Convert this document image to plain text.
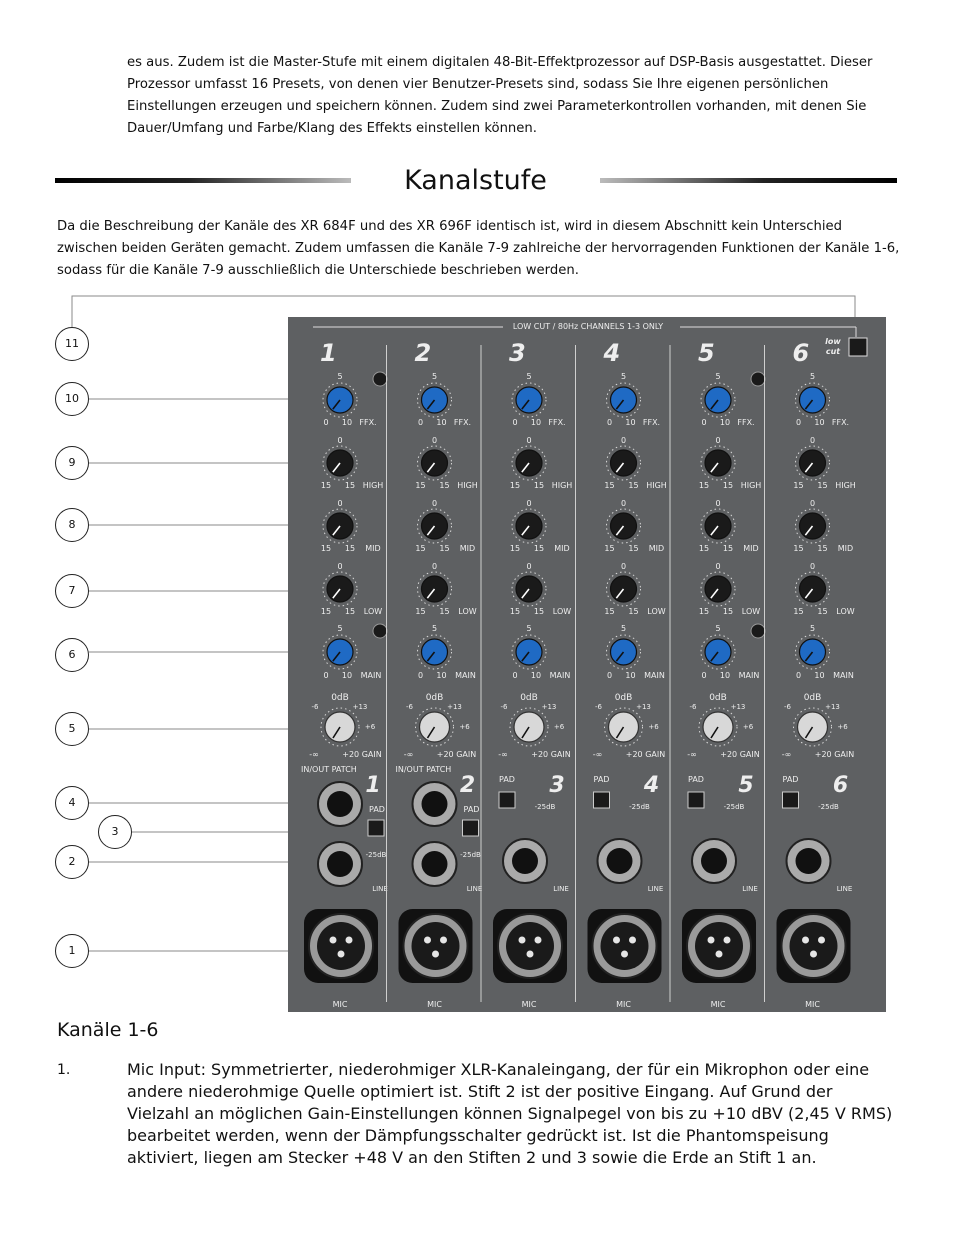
es aus. Zudem ist die Master-Stufe mit einem digitalen 48-Bit-Effektprozessor auf DSP-Basis ausgestattet. Dieser Prozessor umfasst 16 Presets, von denen vier Benutzer-Presets sind, sodass Sie Ihre eigenen persönlichen Einstellungen erzeugen und speichern können. Zudem sind zwei Parameterkontrollen vorhanden, mit denen Sie Dauer/Umfang und Farbe/Klang des Effekts einstellen können.

Kanalstufe

Da die Beschreibung der Kanäle des XR 684F und des XR 696F identisch ist, wird in diesem Abschnitt kein Unterschied zwischen beiden Geräten gemacht. Zudem umfassen die Kanäle 7-9 zahlreiche der hervorragenden Funktionen der Kanäle 1-6, sodass für die Kanäle 7-9 ausschließlich die Unterschiede beschrieben werden.

11
10
9
8
7
6
5
4
3
2
1
LOW CUT / 80Hz CHANNELS 1-3 ONLY
1
5
0 10 FFX.
0
15 15 HIGH
0
15 15 MID
0
15 15 LOW
5
0 10 MAIN
0dB
-6	+13
+6
-∞	+20 GAIN
IN/OUT PATCH
1
PAD
-25dB
LINE
MIC
2
5
0 10 FFX.
0
15 15 HIGH
0
15 15 MID
0
15 15 LOW
5
0 10 MAIN
0dB
-6	+13
+6
-∞	+20 GAIN
IN/OUT PATCH
2
PAD
-25dB
LINE
MIC
3
5
0 10 FFX.
0
15 15 HIGH
0
15 15 MID
0
15 15 LOW
5
0 10 MAIN
0dB
-6	+13
+6
-∞	+20 GAIN
PAD 3
-25dB
LINE
MIC
4
5
0 10 FFX.
0
15 15 HIGH
0
15 15 MID
0
15 15 LOW
5
0 10 MAIN
0dB
-6	+13
+6
-∞	+20 GAIN
PAD 4
-25dB
LINE
MIC
5
5
0 10 FFX.
0
15 15 HIGH
0
15 15 MID
0
15 15 LOW
5
0 10 MAIN
0dB
-6	+13
+6
-∞	+20 GAIN
PAD 5
-25dB
LINE
MIC
6
5
0 10 FFX.
0
15 15 HIGH
0
15 15 MID
0
15 15 LOW
5
0 10 MAIN
0dB
-6	+13
+6
-∞	+20 GAIN
PAD 6
-25dB
LINE
MIC
low
cut
Kanäle 1-6
1.	Mic Input: Symmetrierter, niederohmiger XLR-Kanaleingang, der für ein Mikrophon oder eine andere niederohmige Quelle optimiert ist. Stift 2 ist der positive Eingang. Auf Grund der Vielzahl an möglichen Gain-Einstellungen können Signalpegel von bis zu +10 dBV (2,45 V RMS) bearbeitet werden, wenn der Dämpfungsschalter gedrückt ist. Ist die Phantomspeisung aktiviert, liegen am Stecker +48 V an den Stiften 2 und 3 sowie die Erde an Stift 1 an.
